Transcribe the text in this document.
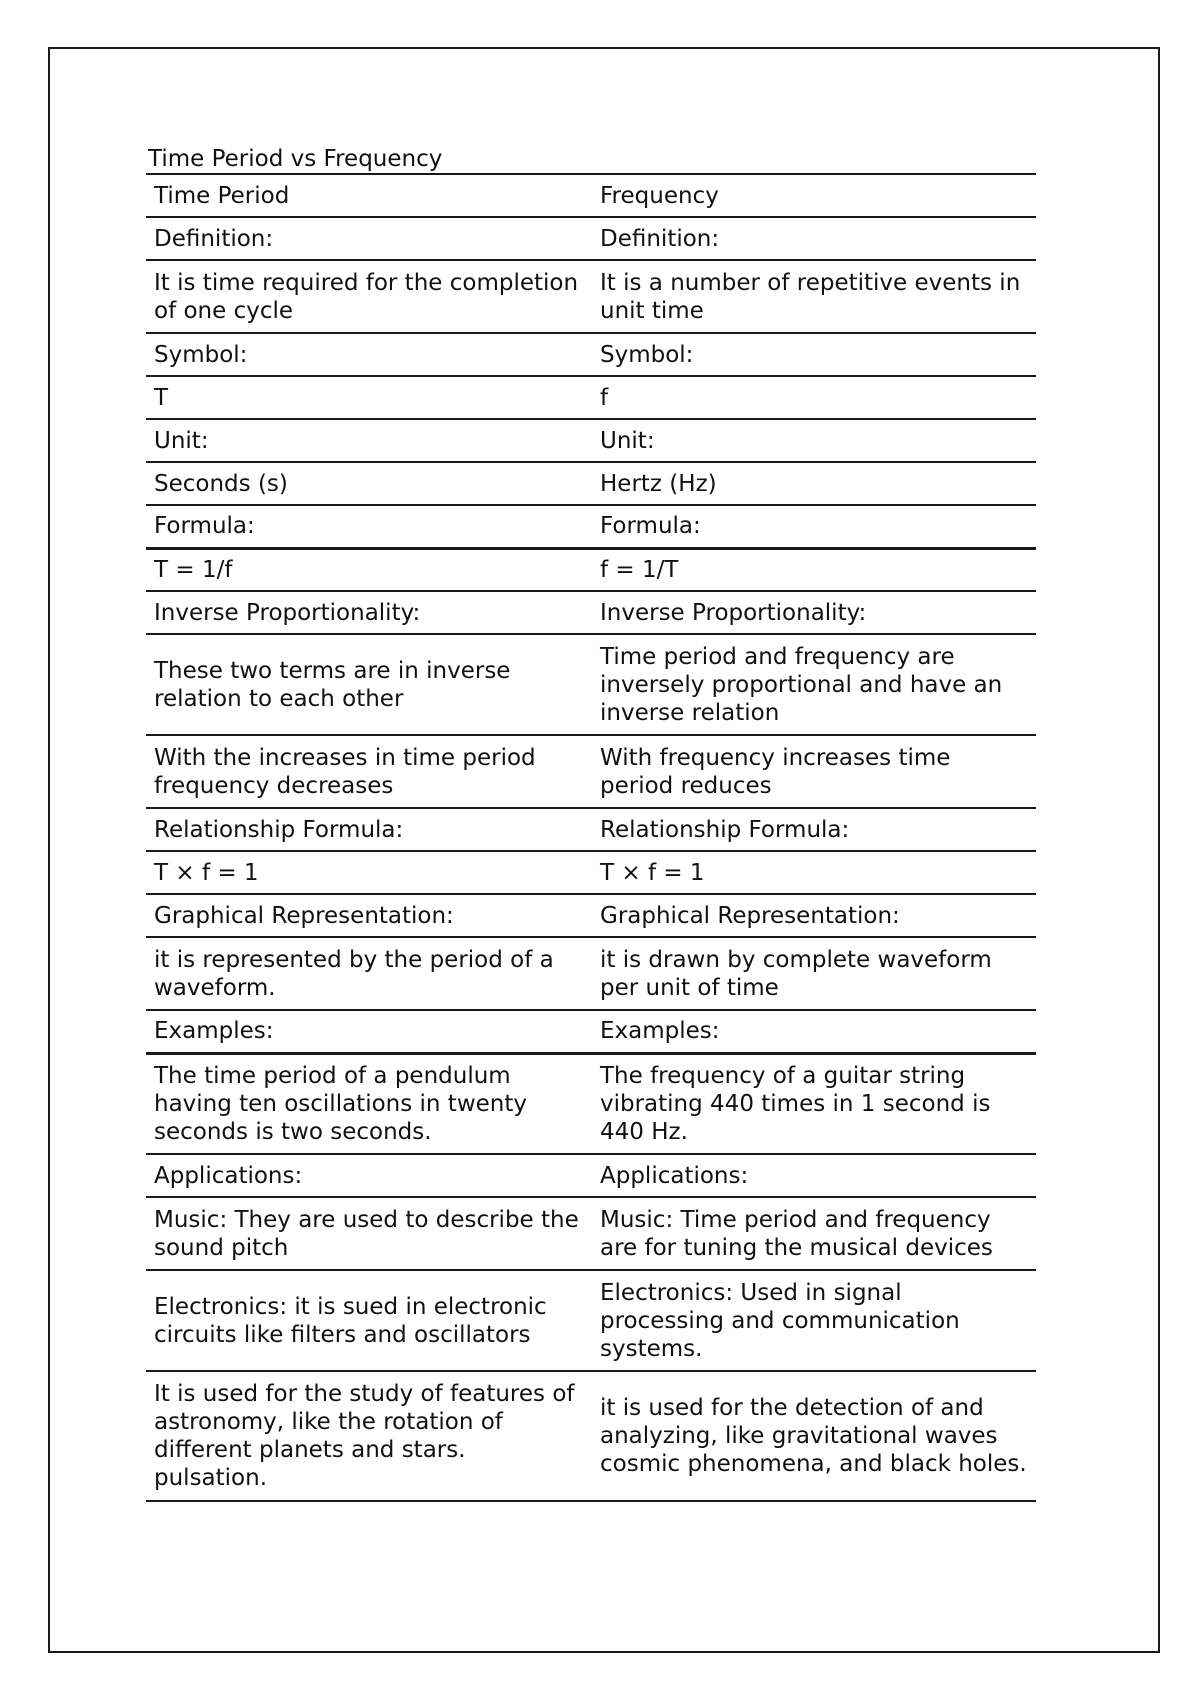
Time Period vs Frequency
Time Period	Frequency
Definition:	Definition:
It is time required for the completion of one cycle	It is a number of repetitive events in unit time
Symbol:	Symbol:
T	f
Unit:	Unit:
Seconds (s)	Hertz (Hz)
Formula:	Formula:
T = 1/f	f = 1/T
Inverse Proportionality:	Inverse Proportionality:
These two terms are in inverse relation to each other	Time period and frequency are inversely proportional and have an inverse relation
With the increases in time period frequency decreases	With frequency increases time period reduces
Relationship Formula:	Relationship Formula:
T × f = 1	T × f = 1
Graphical Representation:	Graphical Representation:
it is represented by the period of a waveform.	it is drawn by complete waveform per unit of time
Examples:	Examples:
The time period of a pendulum having ten oscillations in twenty seconds is two seconds.	The frequency of a guitar string vibrating 440 times in 1 second is 440 Hz.
Applications:	Applications:
Music: They are used to describe the sound pitch	Music: Time period and frequency are for tuning the musical devices
Electronics: it is sued in electronic circuits like filters and oscillators	Electronics: Used in signal processing and communication systems.
It is used for the study of features of astronomy, like the rotation of different planets and stars. pulsation.	it is used for the detection of and analyzing, like gravitational waves cosmic phenomena, and black holes.
